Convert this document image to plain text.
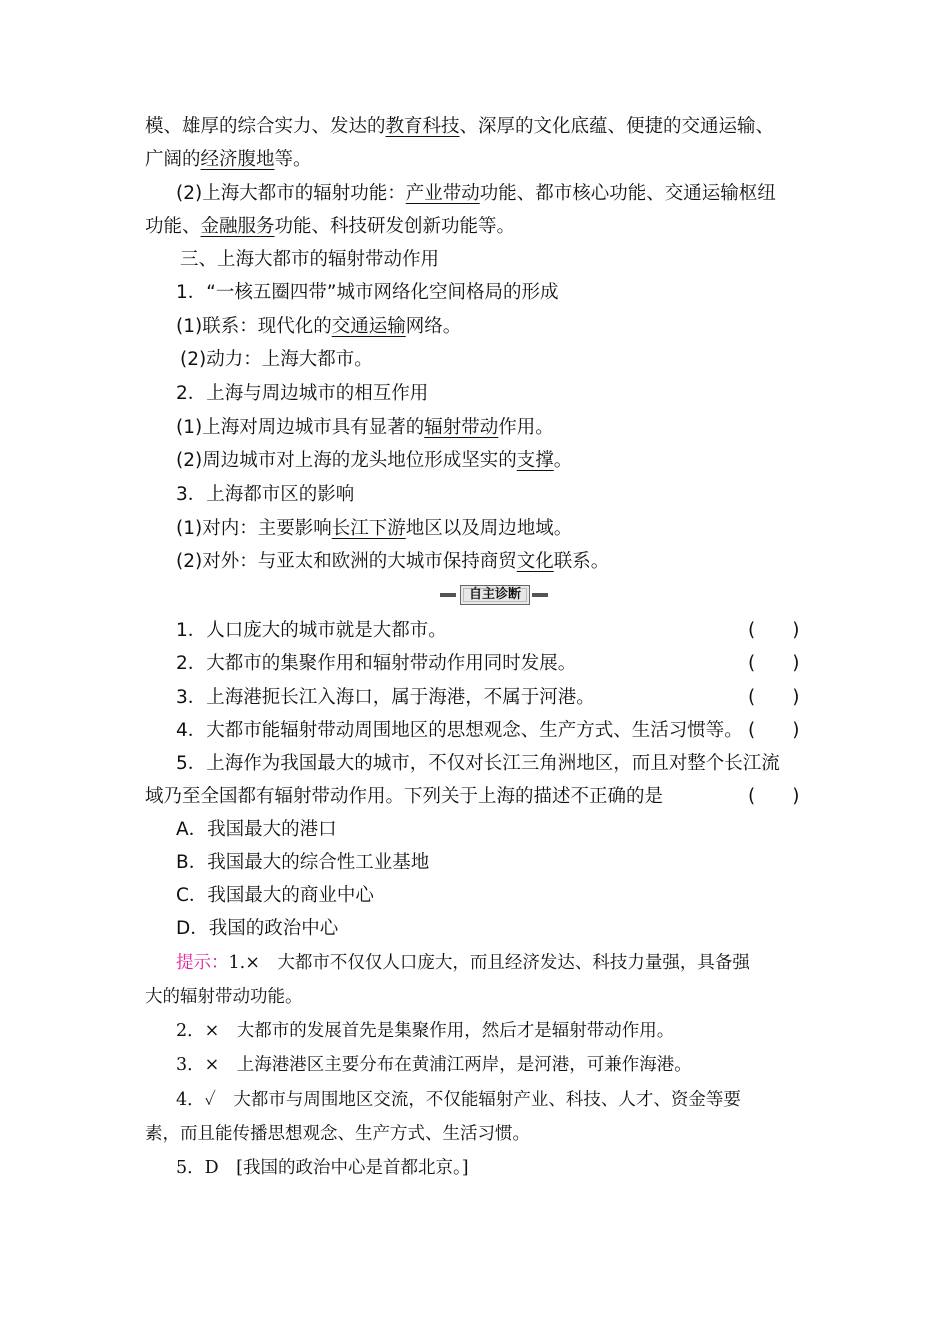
模、雄厚的综合实力、发达的教育科技、深厚的文化底蕴、便捷的交通运输、
广阔的经济腹地等。
(2)上海大都市的辐射功能：产业带动功能、都市核心功能、交通运输枢纽
功能、金融服务功能、科技研发创新功能等。
三、上海大都市的辐射带动作用
1．“一核五圈四带”城市网络化空间格局的形成
(1)联系：现代化的交通运输网络。
(2)动力：上海大都市。
2．上海与周边城市的相互作用
(1)上海对周边城市具有显著的辐射带动作用。
(2)周边城市对上海的龙头地位形成坚实的支撑。
3．上海都市区的影响
(1)对内：主要影响长江下游地区以及周边地域。
(2)对外：与亚太和欧洲的大城市保持商贸文化联系。
自主诊断
1．人口庞大的城市就是大都市。	(　　)
2．大都市的集聚作用和辐射带动作用同时发展。	(　　)
3．上海港扼长江入海口，属于海港，不属于河港。	(　　)
4．大都市能辐射带动周围地区的思想观念、生产方式、生活习惯等。 (　　)
5．上海作为我国最大的城市，不仅对长江三角洲地区，而且对整个长江流
域乃至全国都有辐射带动作用。下列关于上海的描述不正确的是	(　　)
A．我国最大的港口
B．我国最大的综合性工业基地
C．我国最大的商业中心
D．我国的政治中心
提示：1.×　大都市不仅仅人口庞大，而且经济发达、科技力量强，具备强
大的辐射带动功能。
2．×　大都市的发展首先是集聚作用，然后才是辐射带动作用。
3．×　上海港港区主要分布在黄浦江两岸，是河港，可兼作海港。
4．✓　大都市与周围地区交流，不仅能辐射产业、科技、人才、资金等要
素，而且能传播思想观念、生产方式、生活习惯。
5．D　[我国的政治中心是首都北京。]
